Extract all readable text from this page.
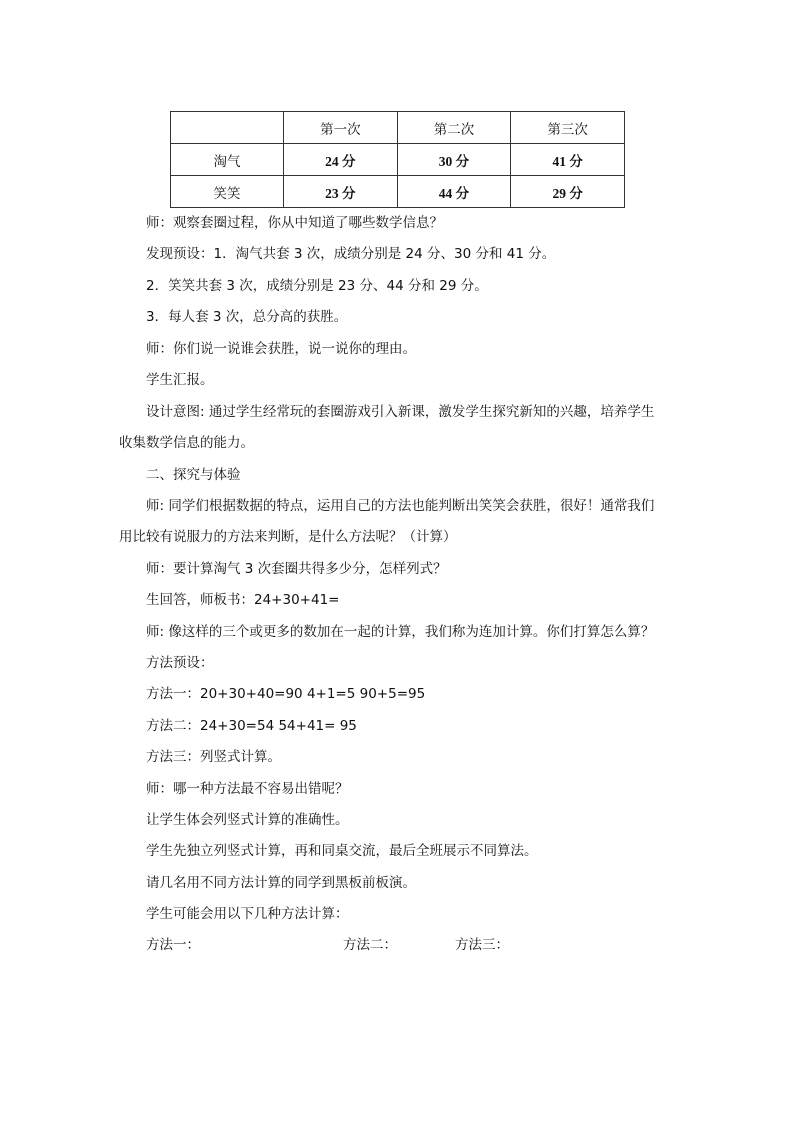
	第一次	第二次	第三次
淘气	24 分	30 分	41 分
笑笑	23 分	44 分	29 分
师：观察套圈过程，你从中知道了哪些数学信息？
发现预设：1．淘气共套 3 次，成绩分别是 24 分、30 分和 41 分。
2．笑笑共套 3 次，成绩分别是 23 分、44 分和 29 分。
3．每人套 3 次，总分高的获胜。
师：你们说一说谁会获胜，说一说你的理由。
学生汇报。
设计意图: 通过学生经常玩的套圈游戏引入新课，激发学生探究新知的兴趣，培养学生
收集数学信息的能力。
二、探究与体验
师: 同学们根据数据的特点，运用自己的方法也能判断出笑笑会获胜，很好！通常我们
用比较有说服力的方法来判断，是什么方法呢？（计算）
师：要计算淘气 3 次套圈共得多少分，怎样列式？
生回答，师板书：24+30+41=
师: 像这样的三个或更多的数加在一起的计算，我们称为连加计算。你们打算怎么算？
方法预设：
方法一：20+30+40=90 4+1=5 90+5=95
方法二：24+30=54 54+41= 95
方法三：列竖式计算。
师：哪一种方法最不容易出错呢？
让学生体会列竖式计算的准确性。
学生先独立列竖式计算，再和同桌交流，最后全班展示不同算法。
请几名用不同方法计算的同学到黑板前板演。
学生可能会用以下几种方法计算：
方法一：	方法二：	方法三：
